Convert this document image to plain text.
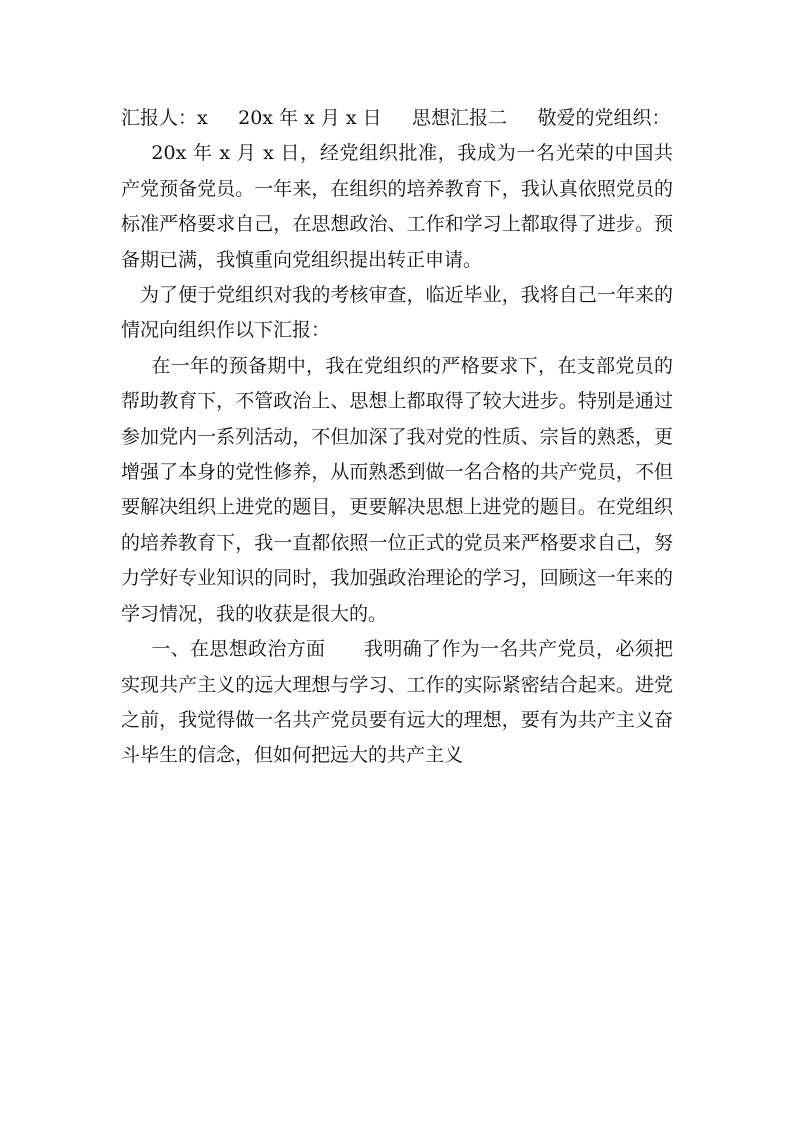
汇报人：x 20x 年 x 月 x 日 思想汇报二 敬爱的党组织：

20x 年 x 月 x 日，经党组织批准，我成为一名光荣的中国共产党预备党员。一年来，在组织的培养教育下，我认真依照党员的标准严格要求自己，在思想政治、工作和学习上都取得了进步。预备期已满，我慎重向党组织提出转正申请。

为了便于党组织对我的考核审查，临近毕业，我将自己一年来的情况向组织作以下汇报：

在一年的预备期中，我在党组织的严格要求下，在支部党员的帮助教育下，不管政治上、思想上都取得了较大进步。特别是通过参加党内一系列活动，不但加深了我对党的性质、宗旨的熟悉，更增强了本身的党性修养，从而熟悉到做一名合格的共产党员，不但要解决组织上进党的题目，更要解决思想上进党的题目。在党组织的培养教育下，我一直都依照一位正式的党员来严格要求自己，努力学好专业知识的同时，我加强政治理论的学习，回顾这一年来的学习情况，我的收获是很大的。

一、在思想政治方面　　我明确了作为一名共产党员，必须把实现共产主义的远大理想与学习、工作的实际紧密结合起来。进党之前，我觉得做一名共产党员要有远大的理想，要有为共产主义奋斗毕生的信念，但如何把远大的共产主义
